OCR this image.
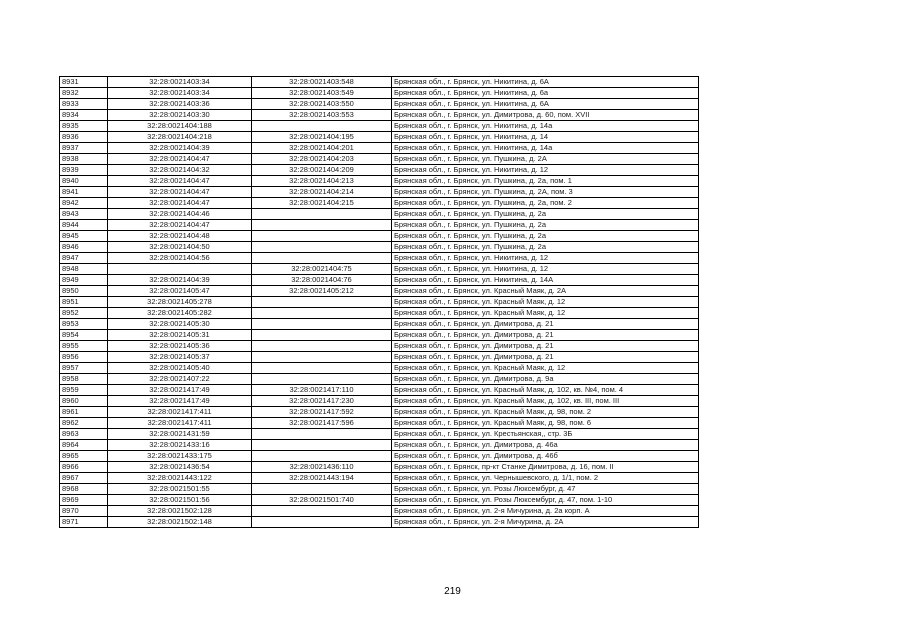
8931	32:28:0021403:34	32:28:0021403:548	Брянская обл., г. Брянск, ул. Никитина, д. 6А
8932	32:28:0021403:34	32:28:0021403:549	Брянская обл., г. Брянск, ул. Никитина, д. 6а
8933	32:28:0021403:36	32:28:0021403:550	Брянская обл., г. Брянск, ул. Никитина, д. 6А
8934	32:28:0021403:30	32:28:0021403:553	Брянская обл., г. Брянск, ул. Димитрова, д. 60, пом. XVII
8935	32:28:0021404:188		Брянская обл., г. Брянск, ул. Никитина, д. 14а
8936	32:28:0021404:218	32:28:0021404:195	Брянская обл., г. Брянск, ул. Никитина, д. 14
8937	32:28:0021404:39	32:28:0021404:201	Брянская обл., г. Брянск, ул. Никитина, д. 14а
8938	32:28:0021404:47	32:28:0021404:203	Брянская обл., г. Брянск, ул. Пушкина, д. 2А
8939	32:28:0021404:32	32:28:0021404:209	Брянская обл., г. Брянск, ул. Никитина, д. 12
8940	32:28:0021404:47	32:28:0021404:213	Брянская обл., г. Брянск, ул. Пушкина, д. 2а, пом. 1
8941	32:28:0021404:47	32:28:0021404:214	Брянская обл., г. Брянск, ул. Пушкина, д. 2А, пом. 3
8942	32:28:0021404:47	32:28:0021404:215	Брянская обл., г. Брянск, ул. Пушкина, д. 2а, пом. 2
8943	32:28:0021404:46		Брянская обл., г. Брянск, ул. Пушкина, д. 2а
8944	32:28:0021404:47		Брянская обл., г. Брянск, ул. Пушкина, д. 2а
8945	32:28:0021404:48		Брянская обл., г. Брянск, ул. Пушкина, д. 2а
8946	32:28:0021404:50		Брянская обл., г. Брянск, ул. Пушкина, д. 2а
8947	32:28:0021404:56		Брянская обл., г. Брянск, ул. Никитина, д. 12
8948		32:28:0021404:75	Брянская обл., г. Брянск, ул. Никитина, д. 12
8949	32:28:0021404:39	32:28:0021404:76	Брянская обл., г. Брянск, ул. Никитина, д. 14А
8950	32:28:0021405:47	32:28:0021405:212	Брянская обл., г. Брянск, ул. Красный Маяк, д. 2А
8951	32:28:0021405:278		Брянская обл., г. Брянск, ул. Красный Маяк, д. 12
8952	32:28:0021405:282		Брянская обл., г. Брянск, ул. Красный Маяк, д. 12
8953	32:28:0021405:30		Брянская обл., г. Брянск, ул. Димитрова, д. 21
8954	32:28:0021405:31		Брянская обл., г. Брянск, ул. Димитрова, д. 21
8955	32:28:0021405:36		Брянская обл., г. Брянск, ул. Димитрова, д. 21
8956	32:28:0021405:37		Брянская обл., г. Брянск, ул. Димитрова, д. 21
8957	32:28:0021405:40		Брянская обл., г. Брянск, ул. Красный Маяк, д. 12
8958	32:28:0021407:22		Брянская обл., г. Брянск, ул. Димитрова, д. 9а
8959	32:28:0021417:49	32:28:0021417:110	Брянская обл., г. Брянск, ул. Красный Маяк, д. 102, кв. №4, пом. 4
8960	32:28:0021417:49	32:28:0021417:230	Брянская обл., г. Брянск, ул. Красный Маяк, д. 102, кв. III, пом. III
8961	32:28:0021417:411	32:28:0021417:592	Брянская обл., г. Брянск, ул. Красный Маяк, д. 98, пом. 2
8962	32:28:0021417:411	32:28:0021417:596	Брянская обл., г. Брянск, ул. Красный Маяк, д. 98, пом. 6
8963	32:28:0021431:59		Брянская обл., г. Брянск, ул. Крестьянская,, стр. 3Б
8964	32:28:0021433:16		Брянская обл., г. Брянск, ул. Димитрова, д. 46а
8965	32:28:0021433:175		Брянская обл., г. Брянск, ул. Димитрова, д. 46б
8966	32:28:0021436:54	32:28:0021436:110	Брянская обл., г. Брянск, пр-кт Станке Димитрова, д. 16, пом. II
8967	32:28:0021443:122	32:28:0021443:194	Брянская обл., г. Брянск, ул. Чернышевского, д. 1/1, пом. 2
8968	32:28:0021501:55		Брянская обл., г. Брянск, ул. Розы Люксембург, д. 47
8969	32:28:0021501:56	32:28:0021501:740	Брянская обл., г. Брянск, ул. Розы Люксембург, д. 47, пом. 1-10
8970	32:28:0021502:128		Брянская обл., г. Брянск, ул. 2-я Мичурина, д. 2а корп. А
8971	32:28:0021502:148		Брянская обл., г. Брянск, ул. 2-я Мичурина, д. 2А
219
